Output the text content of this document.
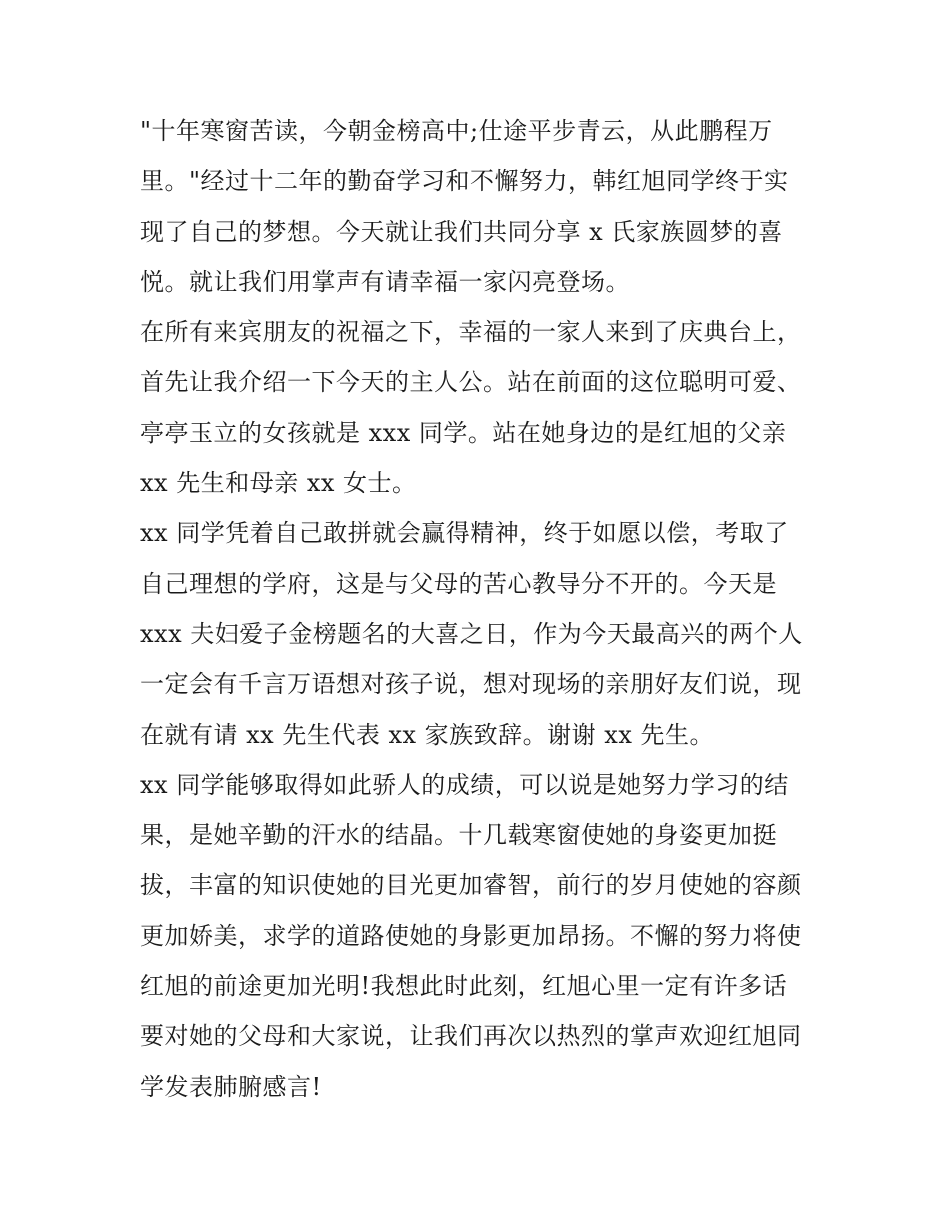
"十年寒窗苦读，今朝金榜高中;仕途平步青云，从此鹏程万
里。"经过十二年的勤奋学习和不懈努力，韩红旭同学终于实
现了自己的梦想。今天就让我们共同分享 x 氏家族圆梦的喜
悦。就让我们用掌声有请幸福一家闪亮登场。
在所有来宾朋友的祝福之下，幸福的一家人来到了庆典台上，
首先让我介绍一下今天的主人公。站在前面的这位聪明可爱、
亭亭玉立的女孩就是 xxx 同学。站在她身边的是红旭的父亲
xx 先生和母亲 xx 女士。
xx 同学凭着自己敢拼就会赢得精神，终于如愿以偿，考取了
自己理想的学府，这是与父母的苦心教导分不开的。今天是
xxx 夫妇爱子金榜题名的大喜之日，作为今天最高兴的两个人
一定会有千言万语想对孩子说，想对现场的亲朋好友们说，现
在就有请 xx 先生代表 xx 家族致辞。谢谢 xx 先生。
xx 同学能够取得如此骄人的成绩，可以说是她努力学习的结
果，是她辛勤的汗水的结晶。十几载寒窗使她的身姿更加挺
拔，丰富的知识使她的目光更加睿智，前行的岁月使她的容颜
更加娇美，求学的道路使她的身影更加昂扬。不懈的努力将使
红旭的前途更加光明!我想此时此刻，红旭心里一定有许多话
要对她的父母和大家说，让我们再次以热烈的掌声欢迎红旭同
学发表肺腑感言!
